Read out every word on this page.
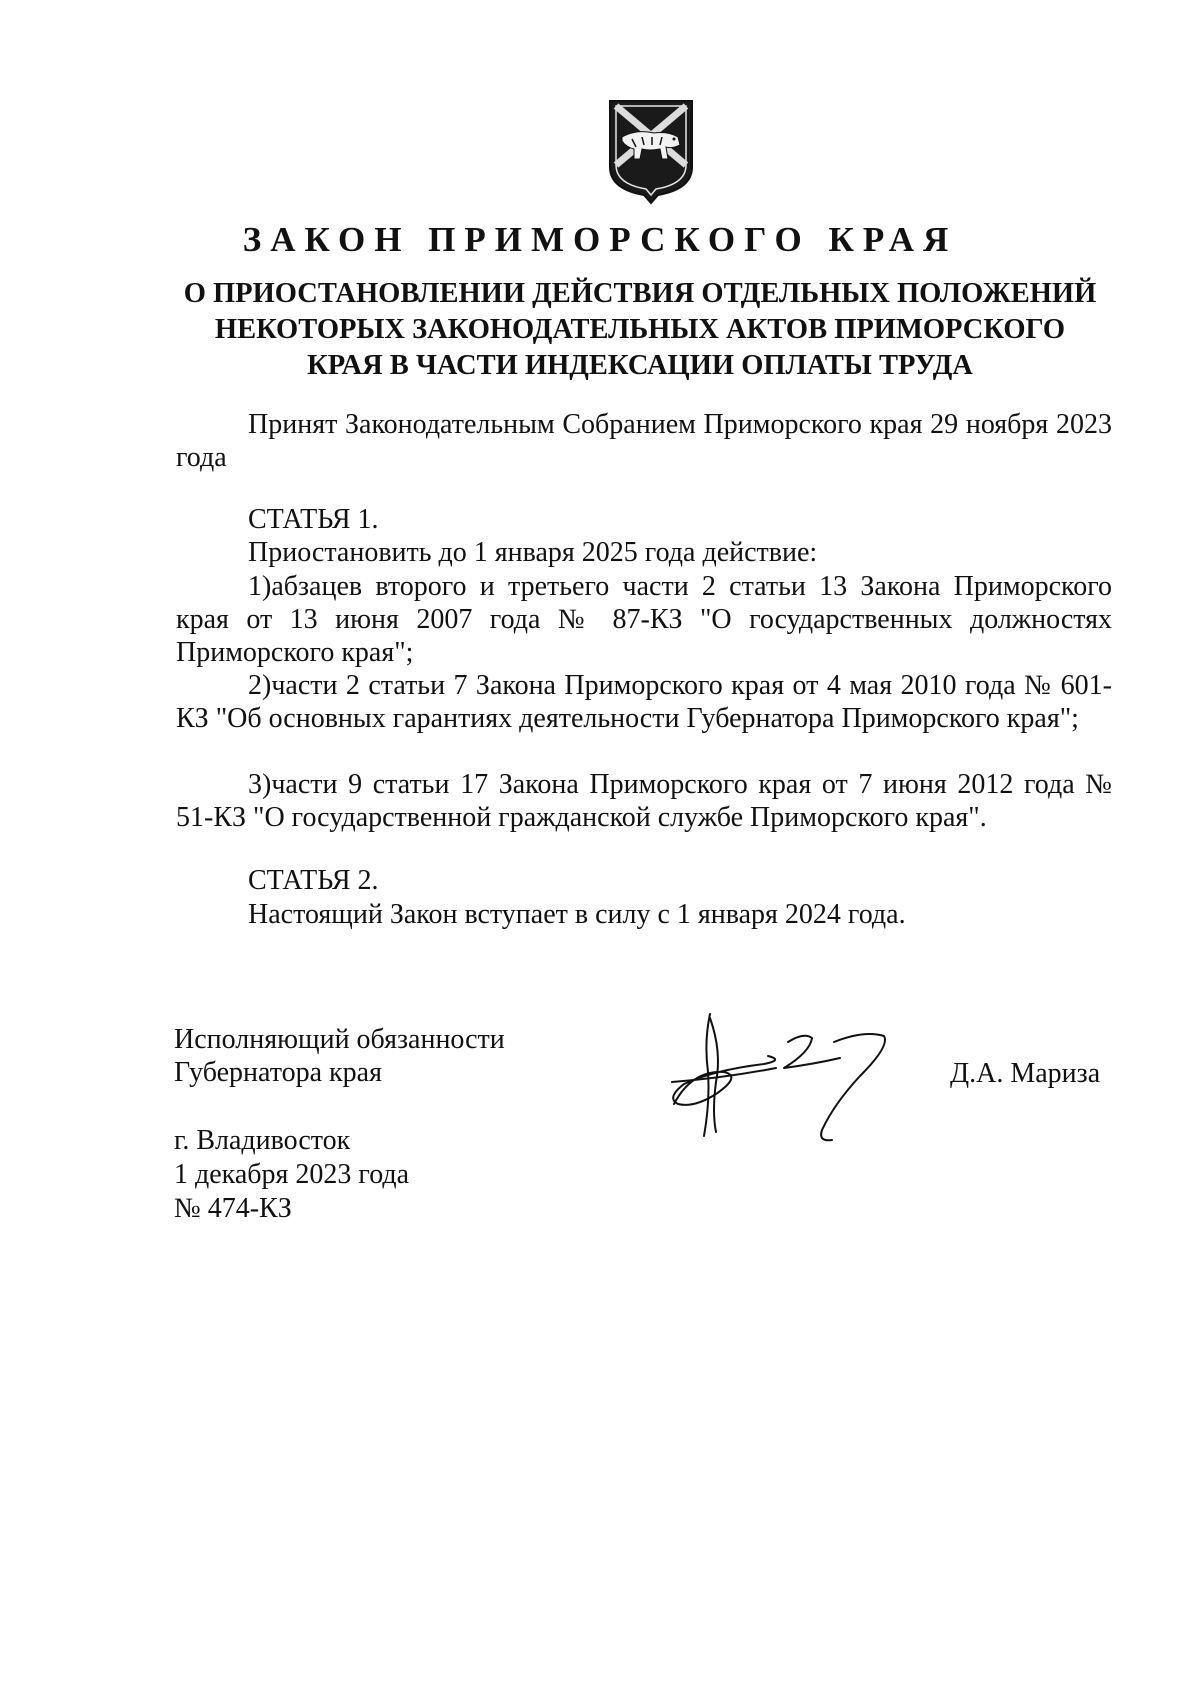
ЗАКОН ПРИМОРСКОГО КРАЯ
О ПРИОСТАНОВЛЕНИИ ДЕЙСТВИЯ ОТДЕЛЬНЫХ ПОЛОЖЕНИЙ
НЕКОТОРЫХ ЗАКОНОДАТЕЛЬНЫХ АКТОВ ПРИМОРСКОГО
КРАЯ В ЧАСТИ ИНДЕКСАЦИИ ОПЛАТЫ ТРУДА

Принят Законодательным Собранием Приморского края 29 ноября 2023 года

СТАТЬЯ 1.

Приостановить до 1 января 2025 года действие:

1)абзацев второго и третьего части 2 статьи 13 Закона Приморского края от 13 июня 2007 года № 87-КЗ "О государственных должностях Приморского края";

2)части 2 статьи 7 Закона Приморского края от 4 мая 2010 года № 601-КЗ "Об основных гарантиях деятельности Губернатора Приморского края";

3)части 9 статьи 17 Закона Приморского края от 7 июня 2012 года № 51-КЗ "О государственной гражданской службе Приморского края".

СТАТЬЯ 2.

Настоящий Закон вступает в силу с 1 января 2024 года.

Исполняющий обязанности
Губернатора края	Д.А. Мариза

г. Владивосток
1 декабря 2023 года
№ 474-КЗ
